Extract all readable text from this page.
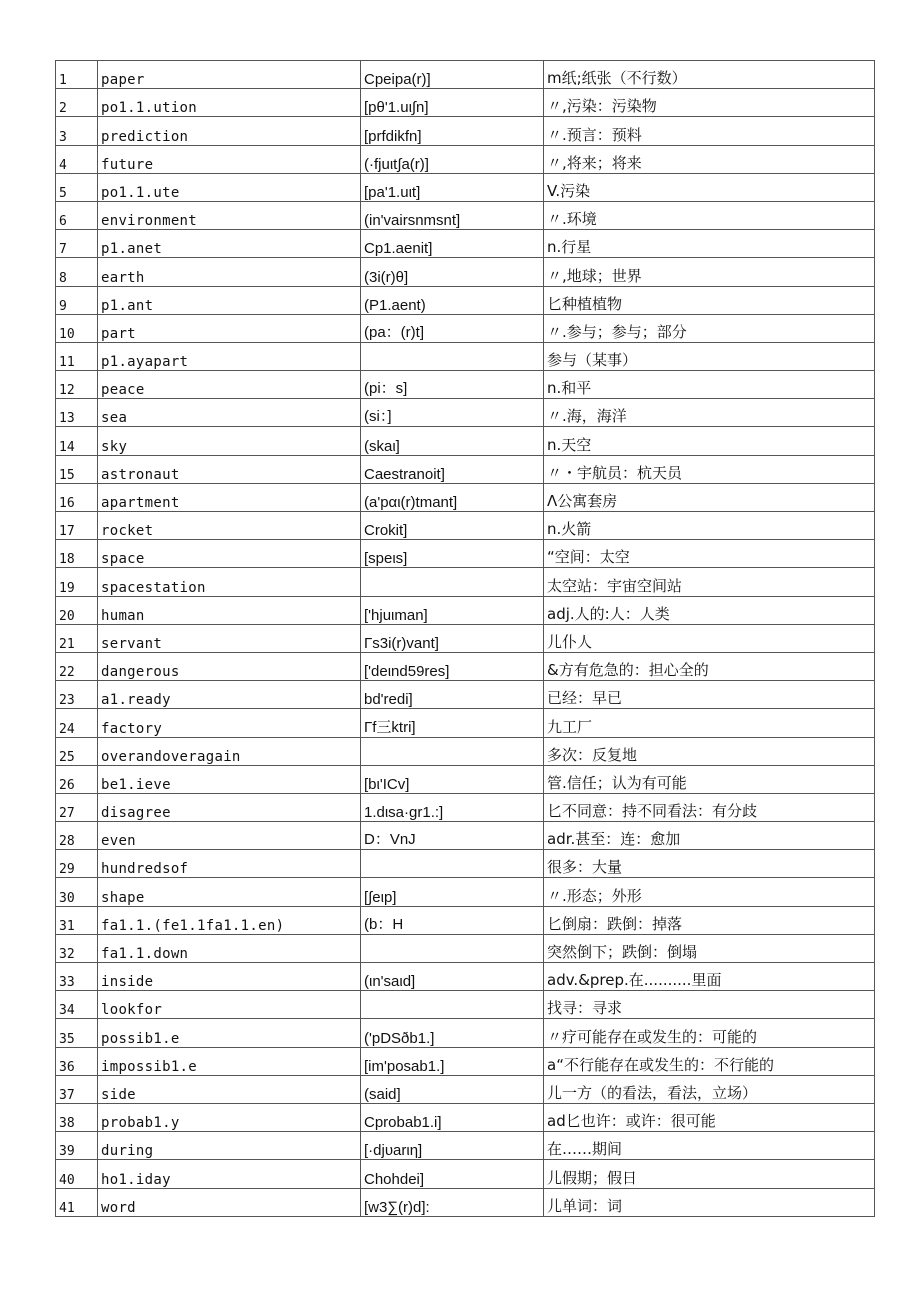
1	paper	Cpeipa(r)]	m纸;纸张（不行数）
2	po1.1.ution	[pθ'1.uι∫n]	〃,污染：污染物
3	prediction	[prfdikfn]	〃.预言：预料
4	future	(·fjuιt∫a(r)]	〃,将来；将来
5	po1.1.ute	[pa'1.uιt]	V.污染
6	environment	(in'vairsnmsnt]	〃.环境
7	p1.anet	Cp1.aenit]	n.行星
8	earth	(3i(r)θ]	〃,地球；世界
9	p1.ant	(P1.aent)	匕种植植物
10	part	(pa：(r)t]	〃.参与；参与；部分
11	p1.ayapart		参与（某事）
12	peace	(pi：s]	n.和平
13	sea	(si：]	〃.海，海洋
14	sky	(skaι]	n.天空
15	astronaut	Caestranoit]	〃・宇航员：杭天员
16	apartment	(a'pαι(r)tmant]	Λ公寓套房
17	rocket	Crokit]	n.火箭
18	space	[speιs]	“空间：太空
19	spacestation		太空站：宇宙空间站
20	human	['hjuιman]	adj.人的:人：人类
21	servant	Γs3i(r)vant]	儿仆人
22	dangerous	['deιnd59res]	&方有危急的：担心全的
23	a1.ready	bd'redi]	已经：早已
24	factory	Γf三ktri]	九工厂
25	overandoveragain		多次：反复地
26	be1.ieve	[bι'ICv]	管.信任；认为有可能
27	disagree	1.dιsa·gr1.:]	匕不同意：持不同看法：有分歧
28	even	D：VnJ	adr.甚至：连：愈加
29	hundredsof		很多：大量
30	shape	[∫eιp]	〃.形态；外形
31	fa1.1.(fe1.1fa1.1.en)	(b：H	匕倒扇：跌倒：掉落
32	fa1.1.down		突然倒下；跌倒：倒塌
33	inside	(ιn'saιd]	adv.&prep.在..........里面
34	lookfor		找寻：寻求
35	possib1.e	('pDSðb1.]	〃疗可能存在或发生的：可能的
36	impossib1.e	[im'posab1.]	a“不行能存在或发生的：不行能的
37	side	(said]	儿一方（的看法，看法，立场）
38	probab1.y	Cprobab1.i]	ad匕也许：或许：很可能
39	during	[·djυarιη]	在……期间
40	ho1.iday	Chohdei]	儿假期；假日
41	word	[w3∑(r)d]:	儿单词：词
